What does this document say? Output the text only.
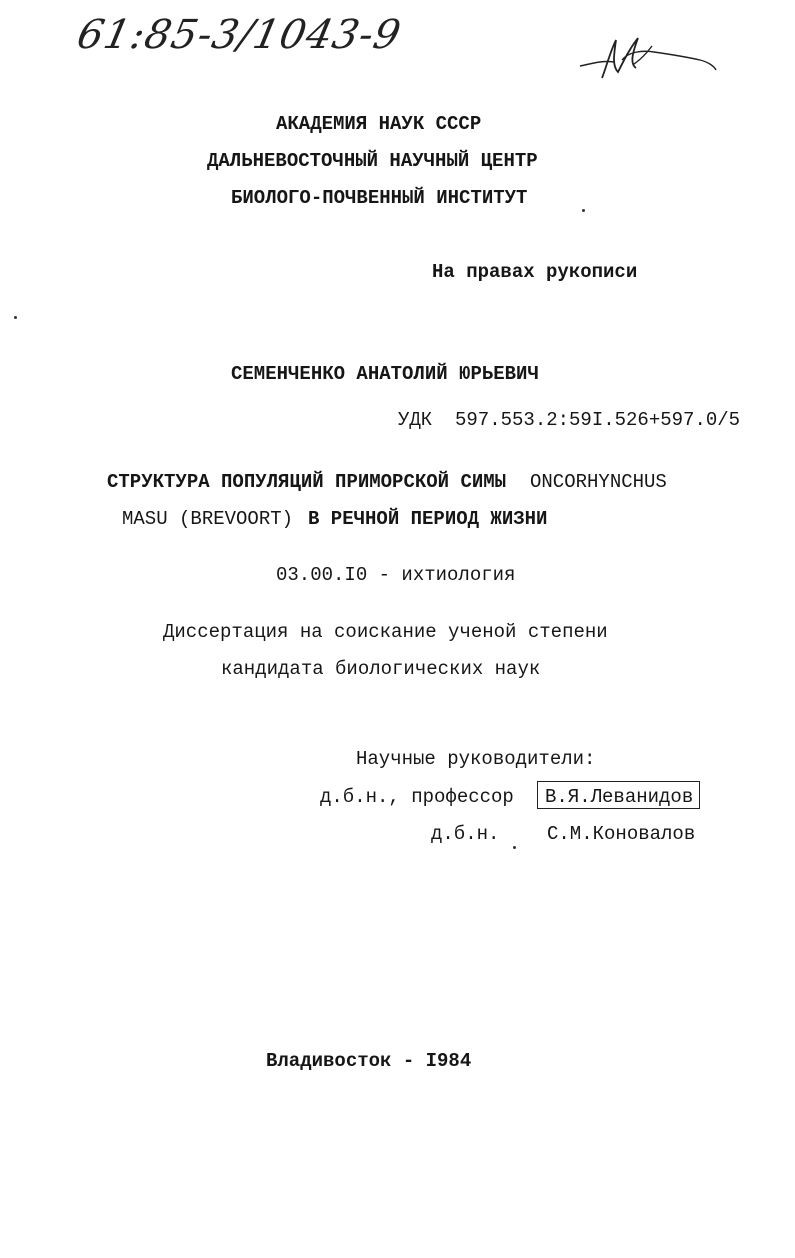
61:85-3/1043-9
АКАДЕМИЯ НАУК СССР
ДАЛЬНЕВОСТОЧНЫЙ НАУЧНЫЙ ЦЕНТР
БИОЛОГО-ПОЧВЕННЫЙ ИНСТИТУТ
На правах рукописи
СЕМЕНЧЕНКО АНАТОЛИЙ ЮРЬЕВИЧ
УДК 597.553.2:59I.526+597.0/5
СТРУКТУРА ПОПУЛЯЦИЙ ПРИМОРСКОЙ СИМЫ ONCORHYNCHUS
MASU (BREVOORT) В РЕЧНОЙ ПЕРИОД ЖИЗНИ
03.00.I0 - ихтиология
Диссертация на соискание ученой степени
кандидата биологических наук
Научные руководители:
д.б.н., профессор В.Я.Леванидов
д.б.н.	С.М.Коновалов
Владивосток - I984
